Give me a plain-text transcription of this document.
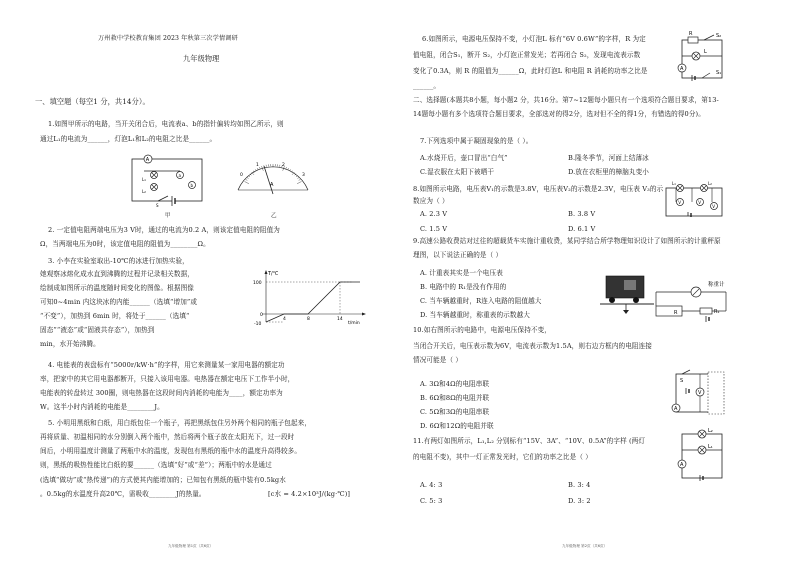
万州救中学校教育集团 2023 年秋第三次学情调研
九年级物理
一、填空题（每空1 分，共14分）。
1.如图甲所示的电路，当开关闭合后，电流表a、b的指针偏转均如图乙所示，则
通过L₁的电流为______，灯泡L₁和L₂的电阻之比是______。
A
a
b
L₁
L₂
S
甲
0
1	2
3
A
乙
2. 一定值电阻两端电压为3 V时，通过的电流为0.2 A，则该定值电阻的阻值为
Ω，当两端电压为0时，该定值电阻的阻值为________Ω。
3. 小李在实验室取出-10℃的冰进行加热实验，
她观察冰熔化成水直到沸腾的过程并记录相关数据，
绘制成如图所示的温度随时间变化的图像。根据图像
可知0~4min 内这块冰的内能______（选填“增加”或
“不变”），加热到 6min 时，将处于______（选填“
固态”“液态”或“固液共存态”），加热到
min，水开始沸腾。
T/℃
t/min
100
0
-10
4	8	14
4. 电能表的表盘标有“5000r/kW·h”的字样，用它来测量某一家用电器的额定功
率，把家中的其它用电器都断开，只接入该用电器。电热器在额定电压下工作半小时，
电能表的转盘转过 300圈，则电热器在这段时间内消耗的电能为____，额定功率为
W。这半小时内消耗的电能是________J。
5. 小明用黑纸和白纸，用白纸包住一个瓶子，再把黑纸包住另外两个相同的瓶子包起来，
再将质量、初温相同的水分别倒入两个瓶中，然后将两个瓶子放在太阳光下，过一段时
间后，小明用温度计测量了两瓶中水的温度，发现包有黑纸的瓶中水的温度升高得较多。
则，黑纸的吸热性能比白纸的要______（选填“好”或“差”）；两瓶中的水是通过
(选填“做功”或“热传递”)的方式使其内能增加的；已知包有黑纸的瓶中装有0.5kg水
。0.5kg的水温度升高20℃，需吸收________J的热量。	[c水 = 4.2×10³J/(kg·℃)]
九年级物理 第1页（共6页）
6.如图所示，电源电压保持不变，小灯泡L 标有“6V 0.6W”的字样，R 为定
值电阻，闭合S₁，断开 S₂，小灯泡正常发光；若再闭合 S₂，发现电流表示数
变化了0.3A，则 R 的阻值为______Ω，此时灯泡L 和电阻 R 消耗的功率之比是
______。
R	S₂
L
A
S₁
二、选择题(本题共8小题，每小题2 分，共16分。第7~12题每小题只有一个选项符合题目要求，第13-
14题每小题有多个选项符合题目要求，全部选对的得2分，选对但不全的得1分，有错选的得0分)。
7.下列选项中属于凝固现象的是（ ）。
A.水烧开后，壶口冒出“白气”	B.隆冬季节，河面上结薄冰
C.湿衣服在太阳下被晒干	D.放在衣柜里的樟脑丸变小
8.如图所示电路，电压表V₁的示数是3.8V，电压表V₂的示数是2.3V，电压表 V₃的示
数应为（ ）
A. 2.3 V	B. 3.8 V
C. 1.5 V	D. 6.1 V
L₁	L₂
V	V
V
9.高速公路收费站对过往的超载货车实施计重收费，某同学结合所学物理知识设计了如图所示的计重秤原
理图，以下说法正确的是（ ）
A. 计重表其实是一个电压表
B. 电路中的 R₁是没有作用的
C. 当车辆越重时，R连入电路的阻值越大
D. 当车辆越重时，称重表的示数越大	R	R₁
称重计
10.如右图所示的电路中，电源电压保持不变，
当闭合开关后，电压表示数为6V，电流表示数为1.5A，则右边方框内的电阻连接
情况可能是（ ）
A. 3Ω和4Ω的电阻串联
B. 6Ω和8Ω的电阻并联
C. 5Ω和3Ω的电阻串联
D. 6Ω和12Ω的电阻并联
S
V
A
11.有两灯如图所示，L₁,L₂ 分别标有“15V、3A”、“10V、0.5A”的字样 (两灯
的电阻不变)，其中一灯正常发光时，它们的功率之比是（ ）
A. 4: 3	B. 3: 4
C. 5: 3	D. 3: 2
L₂
L₁
A
九年级物理 第2页（共6页）
